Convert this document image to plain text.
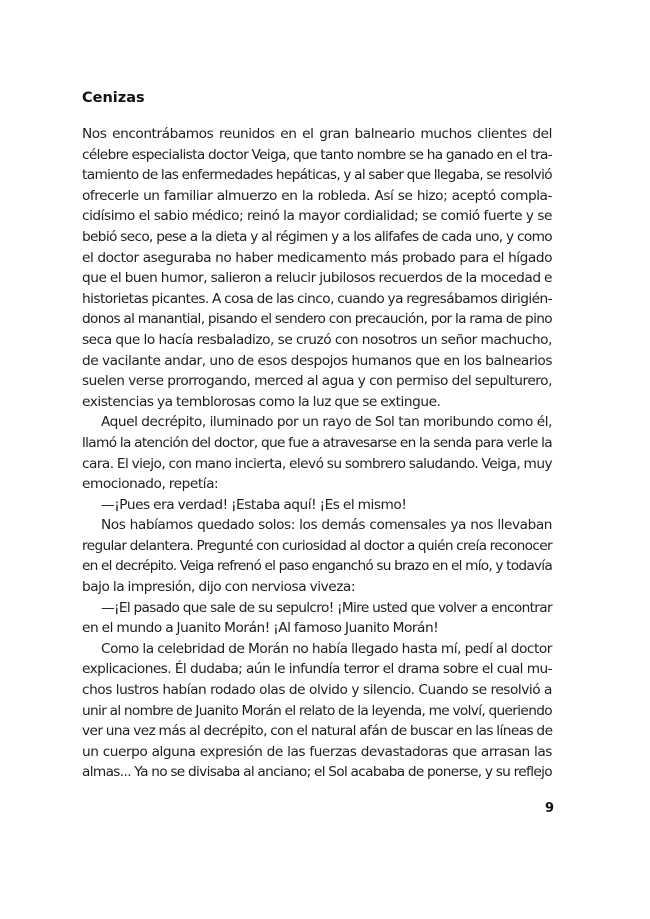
Cenizas
Nos encontrábamos reunidos en el gran balneario muchos clientes del
célebre especialista doctor Veiga, que tanto nombre se ha ganado en el tra-
tamiento de las enfermedades hepáticas, y al saber que llegaba, se resolvió
ofrecerle un familiar almuerzo en la robleda. Así se hizo; aceptó compla-
cidísimo el sabio médico; reinó la mayor cordialidad; se comió fuerte y se
bebió seco, pese a la dieta y al régimen y a los alifafes de cada uno, y como
el doctor aseguraba no haber medicamento más probado para el hígado
que el buen humor, salieron a relucir jubilosos recuerdos de la mocedad e
historietas picantes. A cosa de las cinco, cuando ya regresábamos dirigién-
donos al manantial, pisando el sendero con precaución, por la rama de pino
seca que lo hacía resbaladizo, se cruzó con nosotros un señor machucho,
de vacilante andar, uno de esos despojos humanos que en los balnearios
suelen verse prorrogando, merced al agua y con permiso del sepulturero,
existencias ya temblorosas como la luz que se extingue.
Aquel decrépito, iluminado por un rayo de Sol tan moribundo como él,
llamó la atención del doctor, que fue a atravesarse en la senda para verle la
cara. El viejo, con mano incierta, elevó su sombrero saludando. Veiga, muy
emocionado, repetía:
—¡Pues era verdad! ¡Estaba aquí! ¡Es el mismo!
Nos habíamos quedado solos: los demás comensales ya nos llevaban
regular delantera. Pregunté con curiosidad al doctor a quién creía reconocer
en el decrépito. Veiga refrenó el paso enganchó su brazo en el mío, y todavía
bajo la impresión, dijo con nerviosa viveza:
—¡El pasado que sale de su sepulcro! ¡Mire usted que volver a encontrar
en el mundo a Juanito Morán! ¡Al famoso Juanito Morán!
Como la celebridad de Morán no había llegado hasta mí, pedí al doctor
explicaciones. Él dudaba; aún le infundía terror el drama sobre el cual mu-
chos lustros habían rodado olas de olvido y silencio. Cuando se resolvió a
unir al nombre de Juanito Morán el relato de la leyenda, me volví, queriendo
ver una vez más al decrépito, con el natural afán de buscar en las líneas de
un cuerpo alguna expresión de las fuerzas devastadoras que arrasan las
almas... Ya no se divisaba al anciano; el Sol acababa de ponerse, y su reflejo
9
